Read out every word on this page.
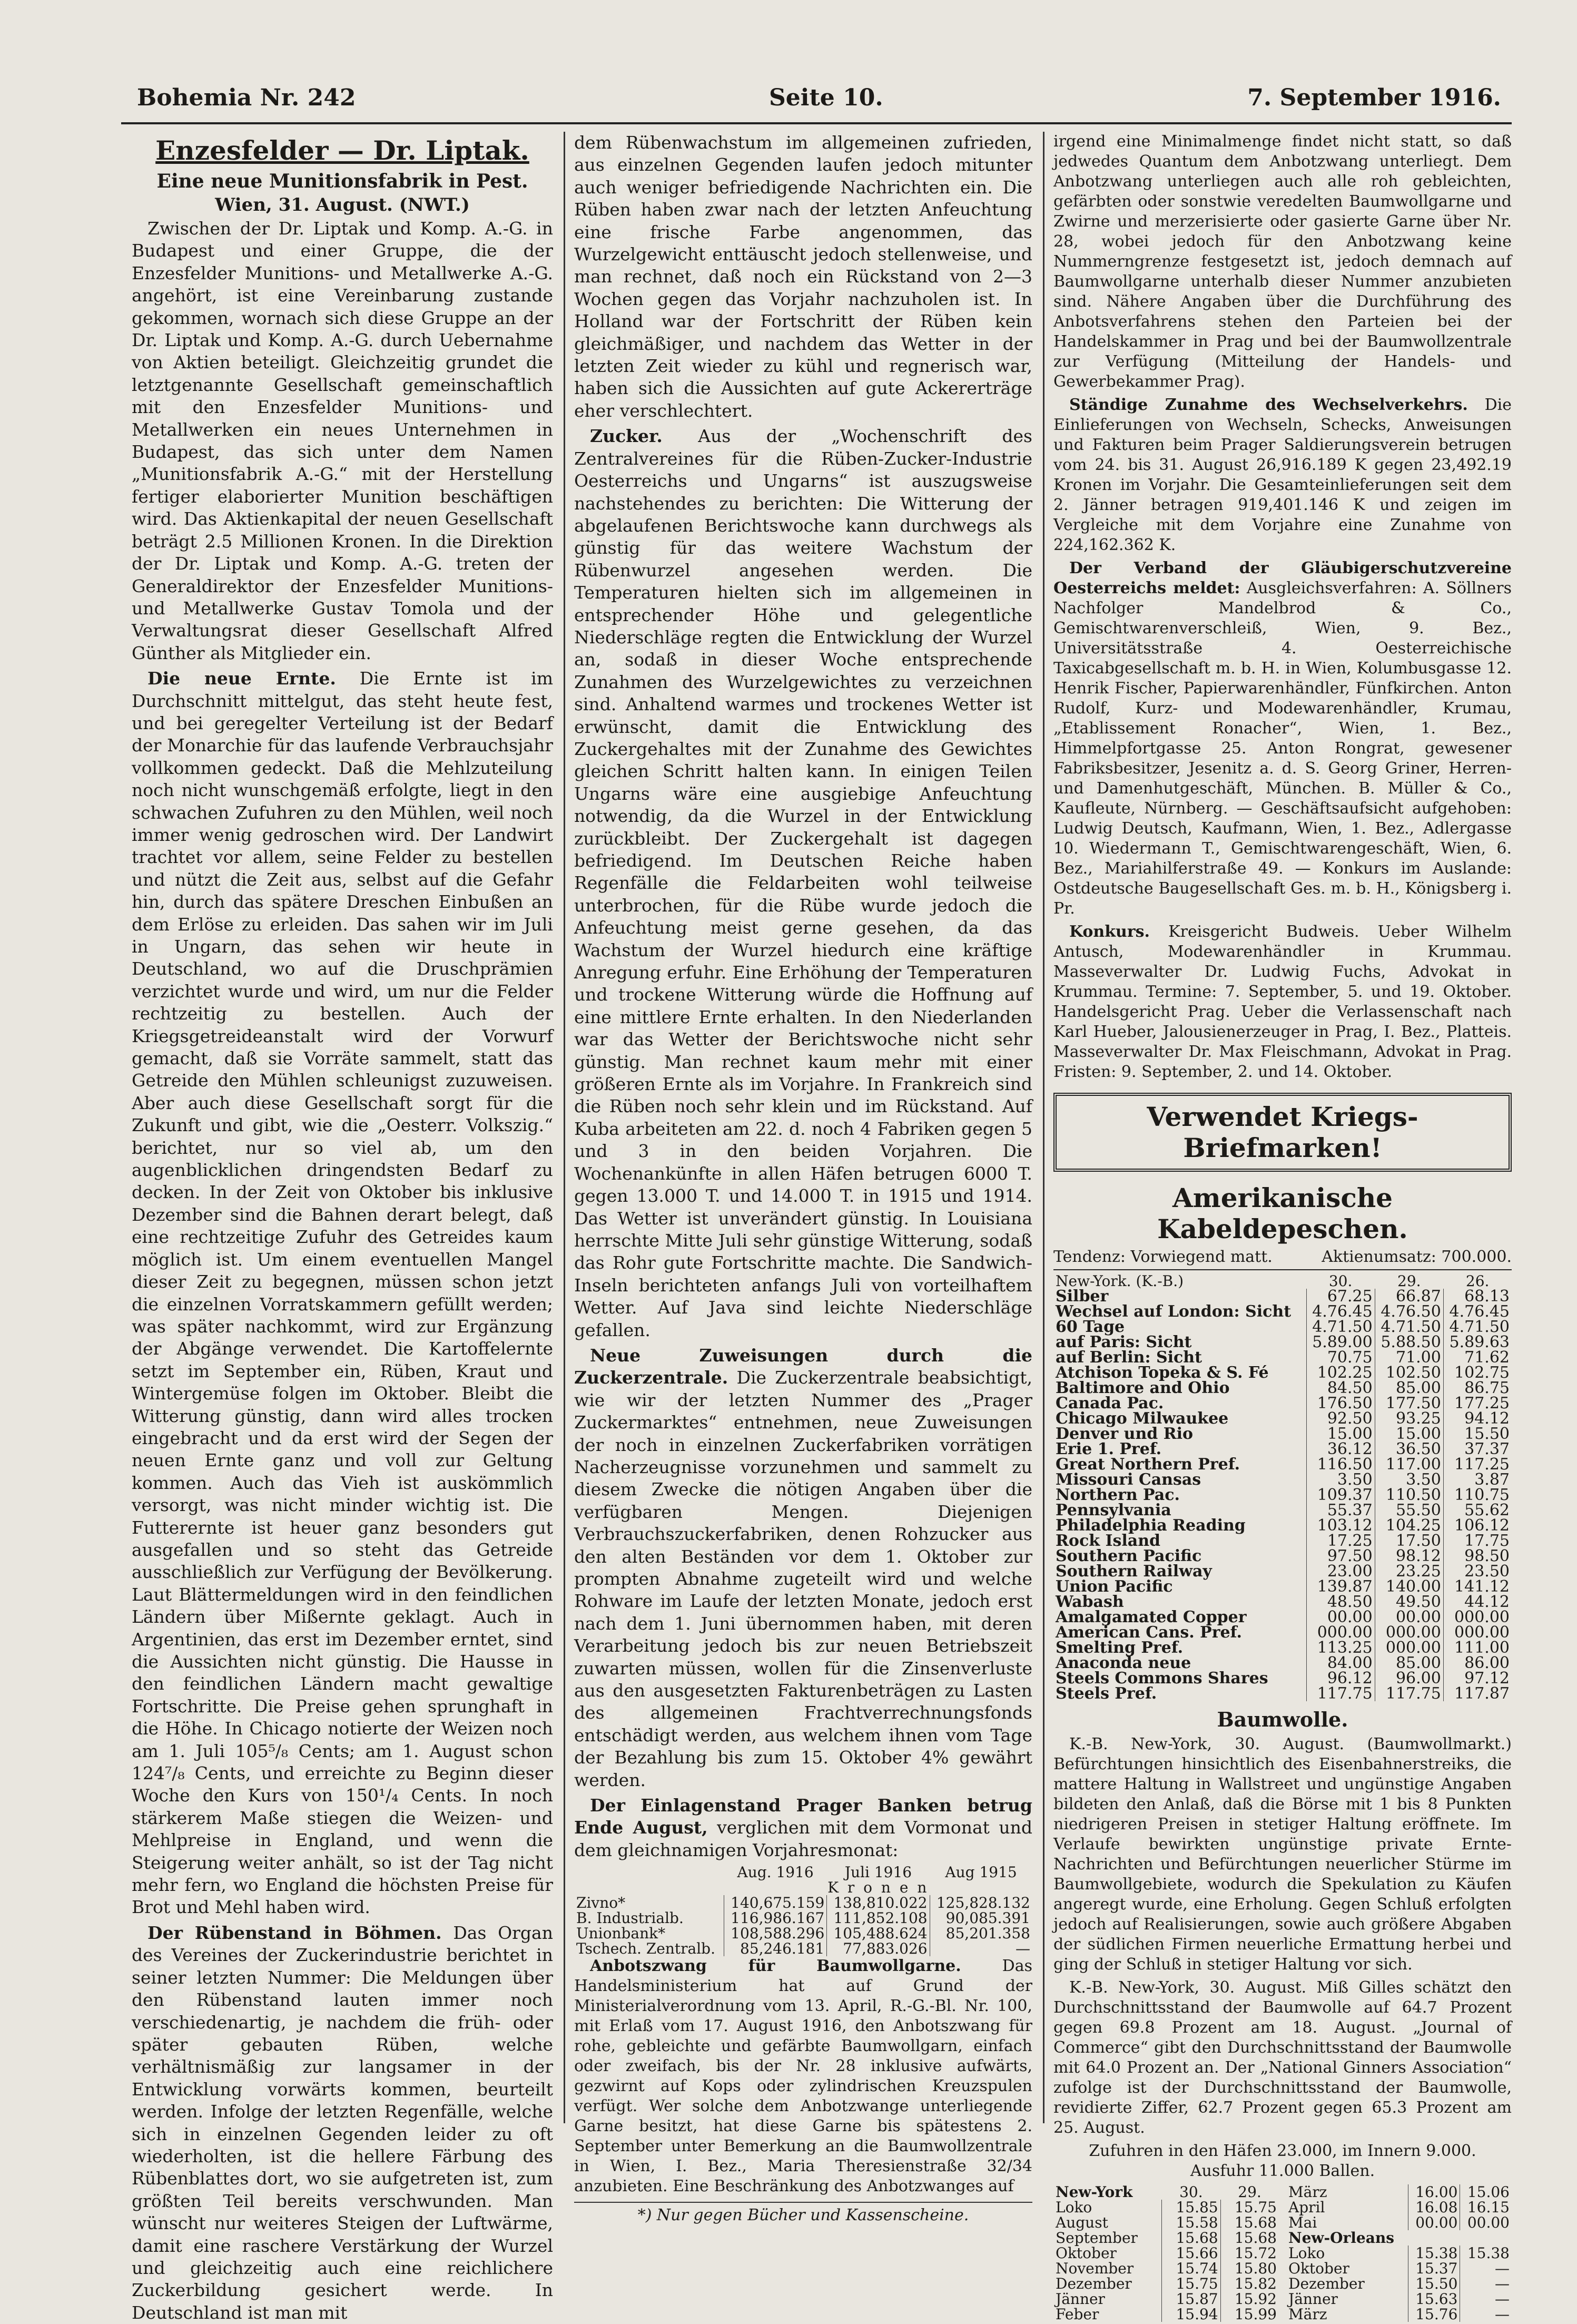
Bohemia Nr. 242	Seite 10.	7. September 1916.
Enzesfelder — Dr. Liptak.
Eine neue Munitionsfabrik in Pest.
Wien, 31. August. (NWT.)

Zwischen der Dr. Liptak und Komp. A.-G. in Budapest und einer Gruppe, die der Enzesfelder Munitions- und Metallwerke A.-G. angehört, ist eine Vereinbarung zustande gekommen, wornach sich diese Gruppe an der Dr. Liptak und Komp. A.-G. durch Uebernahme von Aktien beteiligt. Gleichzeitig grundet die letztgenannte Gesellschaft gemeinschaftlich mit den Enzesfelder Munitions- und Metallwerken ein neues Unternehmen in Budapest, das sich unter dem Namen „Munitionsfabrik A.-G.“ mit der Herstellung fertiger elaborierter Munition beschäftigen wird. Das Aktienkapital der neuen Gesellschaft beträgt 2.5 Millionen Kronen. In die Direktion der Dr. Liptak und Komp. A.-G. treten der Generaldirektor der Enzesfelder Munitions- und Metallwerke Gustav Tomola und der Verwaltungsrat dieser Gesellschaft Alfred Günther als Mitglieder ein.

Die neue Ernte. Die Ernte ist im Durchschnitt mittelgut, das steht heute fest, und bei geregelter Verteilung ist der Bedarf der Monarchie für das laufende Verbrauchsjahr vollkommen gedeckt. Daß die Mehlzuteilung noch nicht wunschgemäß erfolgte, liegt in den schwachen Zufuhren zu den Mühlen, weil noch immer wenig gedroschen wird. Der Landwirt trachtet vor allem, seine Felder zu bestellen und nützt die Zeit aus, selbst auf die Gefahr hin, durch das spätere Dreschen Einbußen an dem Erlöse zu erleiden. Das sahen wir im Juli in Ungarn, das sehen wir heute in Deutschland, wo auf die Druschprämien verzichtet wurde und wird, um nur die Felder rechtzeitig zu bestellen. Auch der Kriegsgetreideanstalt wird der Vorwurf gemacht, daß sie Vorräte sammelt, statt das Getreide den Mühlen schleunigst zuzuweisen. Aber auch diese Gesellschaft sorgt für die Zukunft und gibt, wie die „Oesterr. Volkszig.“ berichtet, nur so viel ab, um den augenblicklichen dringendsten Bedarf zu decken. In der Zeit von Oktober bis inklusive Dezember sind die Bahnen derart belegt, daß eine rechtzeitige Zufuhr des Getreides kaum möglich ist. Um einem eventuellen Mangel dieser Zeit zu begegnen, müssen schon jetzt die einzelnen Vorratskammern gefüllt werden; was später nachkommt, wird zur Ergänzung der Abgänge verwendet. Die Kartoffelernte setzt im September ein, Rüben, Kraut und Wintergemüse folgen im Oktober. Bleibt die Witterung günstig, dann wird alles trocken eingebracht und da erst wird der Segen der neuen Ernte ganz und voll zur Geltung kommen. Auch das Vieh ist auskömmlich versorgt, was nicht minder wichtig ist. Die Futterernte ist heuer ganz besonders gut ausgefallen und so steht das Getreide ausschließlich zur Verfügung der Bevölkerung. Laut Blättermeldungen wird in den feindlichen Ländern über Mißernte geklagt. Auch in Argentinien, das erst im Dezember erntet, sind die Aussichten nicht günstig. Die Hausse in den feindlichen Ländern macht gewaltige Fortschritte. Die Preise gehen sprunghaft in die Höhe. In Chicago notierte der Weizen noch am 1. Juli 105⁵/₈ Cents; am 1. August schon 124⁷/₈ Cents, und erreichte zu Beginn dieser Woche den Kurs von 150¹/₄ Cents. In noch stärkerem Maße stiegen die Weizen- und Mehlpreise in England, und wenn die Steigerung weiter anhält, so ist der Tag nicht mehr fern, wo England die höchsten Preise für Brot und Mehl haben wird.

Der Rübenstand in Böhmen. Das Organ des Vereines der Zuckerindustrie berichtet in seiner letzten Nummer: Die Meldungen über den Rübenstand lauten immer noch verschiedenartig, je nachdem die früh- oder später gebauten Rüben, welche verhältnismäßig zur langsamer in der Entwicklung vorwärts kommen, beurteilt werden. Infolge der letzten Regenfälle, welche sich in einzelnen Gegenden leider zu oft wiederholten, ist die hellere Färbung des Rübenblattes dort, wo sie aufgetreten ist, zum größten Teil bereits verschwunden. Man wünscht nur weiteres Steigen der Luftwärme, damit eine raschere Verstärkung der Wurzel und gleichzeitig auch eine reichlichere Zuckerbildung gesichert werde. In Deutschland ist man mit

dem Rübenwachstum im allgemeinen zufrieden, aus einzelnen Gegenden laufen jedoch mitunter auch weniger befriedigende Nachrichten ein. Die Rüben haben zwar nach der letzten Anfeuchtung eine frische Farbe angenommen, das Wurzelgewicht enttäuscht jedoch stellenweise, und man rechnet, daß noch ein Rückstand von 2—3 Wochen gegen das Vorjahr nachzuholen ist. In Holland war der Fortschritt der Rüben kein gleichmäßiger, und nachdem das Wetter in der letzten Zeit wieder zu kühl und regnerisch war, haben sich die Aussichten auf gute Ackererträge eher verschlechtert.

Zucker. Aus der „Wochenschrift des Zentralvereines für die Rüben-Zucker-Industrie Oesterreichs und Ungarns“ ist auszugsweise nachstehendes zu berichten: Die Witterung der abgelaufenen Berichtswoche kann durchwegs als günstig für das weitere Wachstum der Rübenwurzel angesehen werden. Die Temperaturen hielten sich im allgemeinen in entsprechender Höhe und gelegentliche Niederschläge regten die Entwicklung der Wurzel an, sodaß in dieser Woche entsprechende Zunahmen des Wurzelgewichtes zu verzeichnen sind. Anhaltend warmes und trockenes Wetter ist erwünscht, damit die Entwicklung des Zuckergehaltes mit der Zunahme des Gewichtes gleichen Schritt halten kann. In einigen Teilen Ungarns wäre eine ausgiebige Anfeuchtung notwendig, da die Wurzel in der Entwicklung zurückbleibt. Der Zuckergehalt ist dagegen befriedigend. Im Deutschen Reiche haben Regenfälle die Feldarbeiten wohl teilweise unterbrochen, für die Rübe wurde jedoch die Anfeuchtung meist gerne gesehen, da das Wachstum der Wurzel hiedurch eine kräftige Anregung erfuhr. Eine Erhöhung der Temperaturen und trockene Witterung würde die Hoffnung auf eine mittlere Ernte erhalten. In den Niederlanden war das Wetter der Berichtswoche nicht sehr günstig. Man rechnet kaum mehr mit einer größeren Ernte als im Vorjahre. In Frankreich sind die Rüben noch sehr klein und im Rückstand. Auf Kuba arbeiteten am 22. d. noch 4 Fabriken gegen 5 und 3 in den beiden Vorjahren. Die Wochenankünfte in allen Häfen betrugen 6000 T. gegen 13.000 T. und 14.000 T. in 1915 und 1914. Das Wetter ist unverändert günstig. In Louisiana herrschte Mitte Juli sehr günstige Witterung, sodaß das Rohr gute Fortschritte machte. Die Sandwich-Inseln berichteten anfangs Juli von vorteilhaftem Wetter. Auf Java sind leichte Niederschläge gefallen.

Neue Zuweisungen durch die Zuckerzentrale. Die Zuckerzentrale beabsichtigt, wie wir der letzten Nummer des „Prager Zuckermarktes“ entnehmen, neue Zuweisungen der noch in einzelnen Zuckerfabriken vorrätigen Nacherzeugnisse vorzunehmen und sammelt zu diesem Zwecke die nötigen Angaben über die verfügbaren Mengen. Diejenigen Verbrauchszuckerfabriken, denen Rohzucker aus den alten Beständen vor dem 1. Oktober zur prompten Abnahme zugeteilt wird und welche Rohware im Laufe der letzten Monate, jedoch erst nach dem 1. Juni übernommen haben, mit deren Verarbeitung jedoch bis zur neuen Betriebszeit zuwarten müssen, wollen für die Zinsenverluste aus den ausgesetzten Fakturenbeträgen zu Lasten des allgemeinen Frachtverrechnungsfonds entschädigt werden, aus welchem ihnen vom Tage der Bezahlung bis zum 15. Oktober 4% gewährt werden.

Der Einlagenstand Prager Banken betrug Ende August, verglichen mit dem Vormonat und dem gleichnamigen Vorjahresmonat:

	Aug. 1916	Juli 1916	Aug 1915
	K r o n e n		
Zivno*	140,675.159	138,810.022	125,828.132
B. Industrialb.	116,986.167	111,852.108	90,085.391
Unionbank*	108,588.296	105,488.624	85,201.358
Tschech. Zentralb.	85,246.181	77,883.026	—

Anbotszwang für Baumwollgarne.	Das Handelsministerium hat auf Grund der Ministerialverordnung vom 13. April, R.-G.-Bl. Nr. 100, mit Erlaß vom 17. August 1916, den Anbotszwang für rohe, gebleichte und gefärbte Baumwollgarn, einfach oder zweifach, bis der Nr. 28 inklusive aufwärts, gezwirnt auf Kops oder zylindrischen Kreuzspulen verfügt. Wer solche dem Anbotzwange unterliegende Garne besitzt, hat diese Garne bis spätestens 2. September unter Bemerkung an die Baumwollzentrale in Wien, I. Bez., Maria Theresienstraße 32/34 anzubieten. Eine Beschränkung des Anbotzwanges auf

*) Nur gegen Bücher und Kassenscheine.

irgend eine Minimalmenge findet nicht statt, so daß jedwedes Quantum dem Anbotzwang unterliegt. Dem Anbotzwang unterliegen auch alle roh gebleichten, gefärbten oder sonstwie veredelten Baumwollgarne und Zwirne und merzerisierte oder gasierte Garne über Nr. 28, wobei jedoch für den Anbotzwang keine Nummerngrenze festgesetzt ist, jedoch demnach auf Baumwollgarne unterhalb dieser Nummer anzubieten sind. Nähere Angaben über die Durchführung des Anbotsverfahrens stehen den Parteien bei der Handelskammer in Prag und bei der Baumwollzentrale zur Verfügung (Mitteilung der Handels- und Gewerbekammer Prag).

Ständige Zunahme des Wechselverkehrs. Die Einlieferungen von Wechseln, Schecks, Anweisungen und Fakturen beim Prager Saldierungsverein betrugen vom 24. bis 31. August 26,916.189 K gegen 23,492.19 Kronen im Vorjahr. Die Gesamteinlieferungen seit dem 2. Jänner betragen 919,401.146 K und zeigen im Vergleiche mit dem Vorjahre eine Zunahme von 224,162.362 K.

Der Verband der Gläubigerschutzvereine Oesterreichs meldet: Ausgleichsverfahren: A. Söllners Nachfolger Mandelbrod & Co., Gemischtwarenverschleiß, Wien, 9. Bez., Universitätsstraße 4. Oesterreichische Taxicabgesellschaft m. b. H. in Wien, Kolumbusgasse 12. Henrik Fischer, Papierwarenhändler, Fünfkirchen. Anton Rudolf, Kurz- und Modewarenhändler, Krumau, „Etablissement Ronacher“, Wien, 1. Bez., Himmelpfortgasse 25. Anton Rongrat, gewesener Fabriksbesitzer, Jesenitz a. d. S. Georg Griner, Herren- und Damenhutgeschäft, München. B. Müller & Co., Kaufleute, Nürnberg. — Geschäftsaufsicht aufgehoben: Ludwig Deutsch, Kaufmann, Wien, 1. Bez., Adlergasse 10. Wiedermann T., Gemischtwarengeschäft, Wien, 6. Bez., Mariahilferstraße 49. — Konkurs im Auslande: Ostdeutsche Baugesellschaft Ges. m. b. H., Königsberg i. Pr.

Konkurs. Kreisgericht Budweis. Ueber Wilhelm Antusch, Modewarenhändler in Krummau. Masseverwalter Dr. Ludwig Fuchs, Advokat in Krummau. Termine: 7. September, 5. und 19. Oktober. Handelsgericht Prag. Ueber die Verlassenschaft nach Karl Hueber, Jalousienerzeuger in Prag, I. Bez., Platteis. Masseverwalter Dr. Max Fleischmann, Advokat in Prag. Fristen: 9. September, 2. und 14. Oktober.

Verwendet Kriegs-Briefmarken!
Amerikanische Kabeldepeschen.
Tendenz: Vorwiegend matt.	Aktienumsatz: 700.000.
New-York. (K.-B.)	30.	29.	26.
Silber	67.25	66.87	68.13
Wechsel auf London: Sicht	4.76.45	4.76.50	4.76.45
60 Tage	4.71.50	4.71.50	4.71.50
auf Paris: Sicht	5.89.00	5.88.50	5.89.63
auf Berlin: Sicht	70.75	71.00	71.62
Atchison Topeka & S. Fé	102.25	102.50	102.75
Baltimore and Ohio	84.50	85.00	86.75
Canada Pac.	176.50	177.50	177.25
Chicago Milwaukee	92.50	93.25	94.12
Denver und Rio	15.00	15.00	15.50
Erie 1. Pref.	36.12	36.50	37.37
Great Northern Pref.	116.50	117.00	117.25
Missouri Cansas	3.50	3.50	3.87
Northern Pac.	109.37	110.50	110.75
Pennsylvania	55.37	55.50	55.62
Philadelphia Reading	103.12	104.25	106.12
Rock Island	17.25	17.50	17.75
Southern Pacific	97.50	98.12	98.50
Southern Railway	23.00	23.25	23.50
Union Pacific	139.87	140.00	141.12
Wabash	48.50	49.50	44.12
Amalgamated Copper	00.00	00.00	000.00
American Cans. Pref.	000.00	000.00	000.00
Smelting Pref.	113.25	000.00	111.00
Anaconda neue	84.00	85.00	86.00
Steels Commons Shares	96.12	96.00	97.12
Steels Pref.	117.75	117.75	117.87
Baumwolle.

K.-B. New-York, 30. August. (Baumwollmarkt.) Befürchtungen hinsichtlich des Eisenbahnerstreiks, die mattere Haltung in Wallstreet und ungünstige Angaben bildeten den Anlaß, daß die Börse mit 1 bis 8 Punkten niedrigeren Preisen in stetiger Haltung eröffnete. Im Verlaufe bewirkten ungünstige private Ernte-Nachrichten und Befürchtungen neuerlicher Stürme im Baumwollgebiete, wodurch die Spekulation zu Käufen angeregt wurde, eine Erholung. Gegen Schluß erfolgten jedoch auf Realisierungen, sowie auch größere Abgaben der südlichen Firmen neuerliche Ermattung herbei und ging der Schluß in stetiger Haltung vor sich.

K.-B. New-York, 30. August. Miß Gilles schätzt den Durchschnittsstand der Baumwolle auf 64.7 Prozent gegen 69.8 Prozent am 18. August. „Journal of Commerce“ gibt den Durchschnittsstand der Baumwolle mit 64.0 Prozent an. Der „National Ginners Association“ zufolge ist der Durchschnittsstand der Baumwolle, revidierte Ziffer, 62.7 Prozent gegen 65.3 Prozent am 25. August.

Zufuhren in den Häfen 23.000, im Innern 9.000.

Ausfuhr 11.000 Ballen.

New-York	30.	29.
Loko	15.85	15.75
August	15.58	15.68
September	15.68	15.68
Oktober	15.66	15.72
November	15.74	15.80
Dezember	15.75	15.82
Jänner	15.87	15.92
Feber	15.94	15.99
März	16.00	15.06
April	16.08	16.15
Mai	00.00	00.00
New-Orleans		
Loko	15.38	15.38
Oktober	15.37	—
Dezember	15.50	—
Jänner	15.63	—
März	15.76	—
